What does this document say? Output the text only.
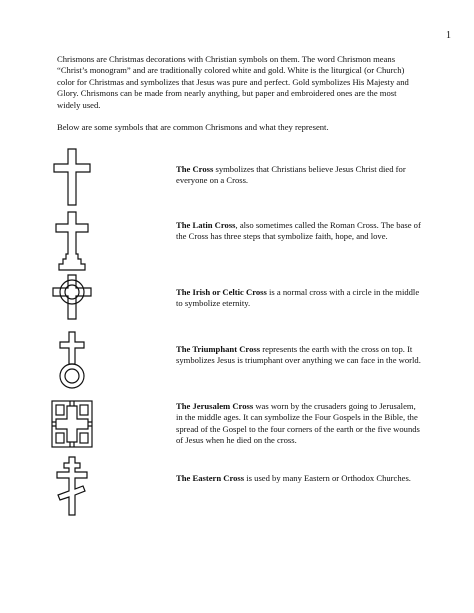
1

Chrismons are Christmas decorations with Christian symbols on them. The word Chrismon means “Christ’s monogram” and are traditionally colored white and gold. White is the liturgical (or Church) color for Christmas and symbolizes that Jesus was pure and perfect. Gold symbolizes His Majesty and Glory. Chrismons can be made from nearly anything, but paper and embroidered ones are the most widely used.

Below are some symbols that are common Chrismons and what they represent.

The Cross symbolizes that Christians believe Jesus Christ died for everyone on a Cross.
The Latin Cross, also sometimes called the Roman Cross. The base of the Cross has three steps that symbolize faith, hope, and love.
The Irish or Celtic Cross is a normal cross with a circle in the middle to symbolize eternity.
The Triumphant Cross represents the earth with the cross on top. It symbolizes Jesus is triumphant over anything we can face in the world.
The Jerusalem Cross was worn by the crusaders going to Jerusalem, in the middle ages. It can symbolize the Four Gospels in the Bible, the spread of the Gospel to the four corners of the earth or the five wounds of Jesus when he died on the cross.
The Eastern Cross is used by many Eastern or Orthodox Churches.
